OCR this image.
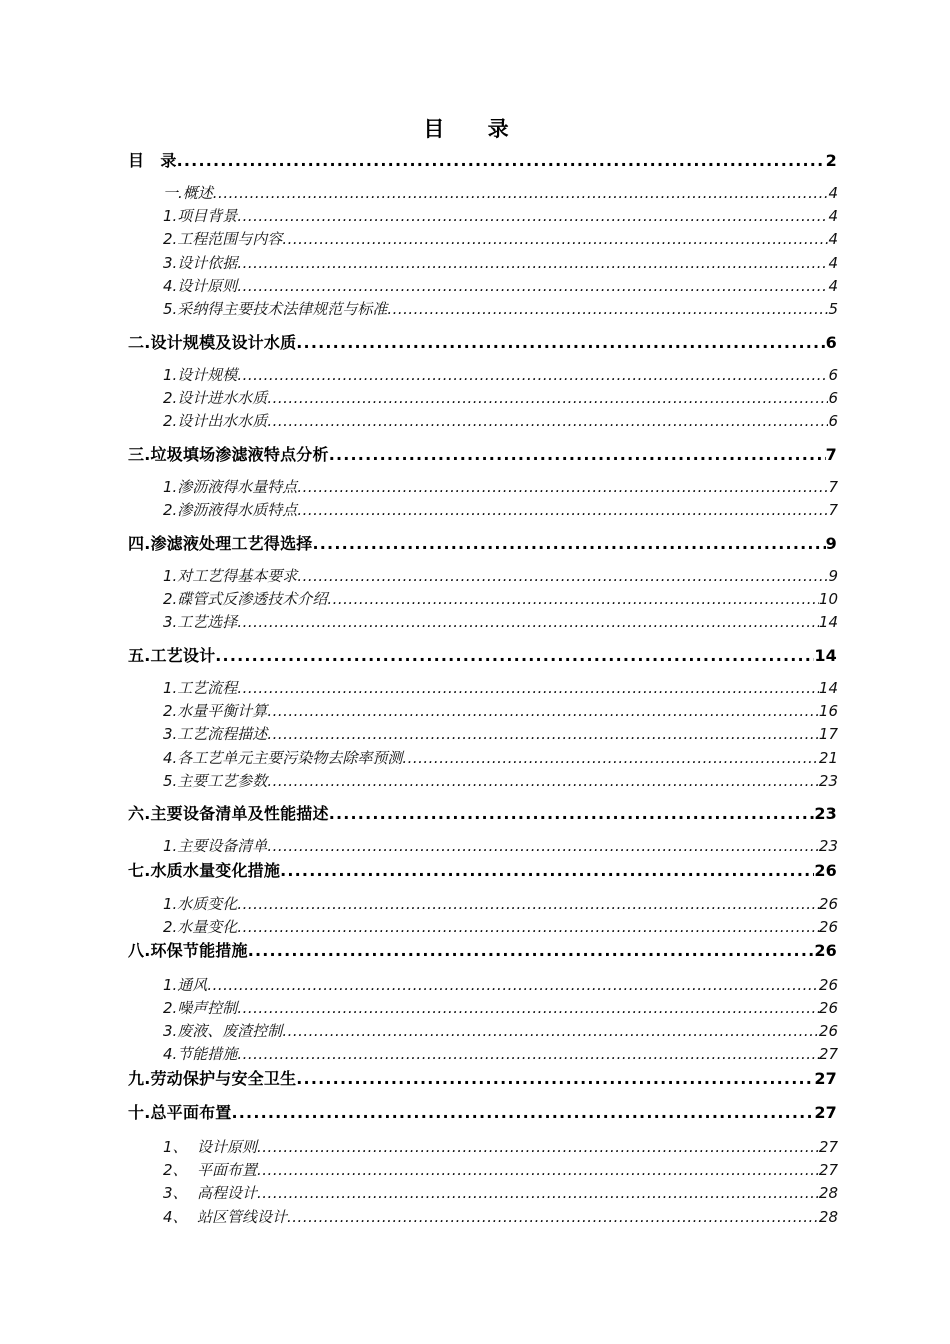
目 录
目　录 .....	2
一.概述 .....	4
1.项目背景 .....	4
2.工程范围与内容 .....	4
3.设计依据 .....	4
4.设计原则 .....	4
5.采纳得主要技术法律规范与标准 .....	5
二.设计规模及设计水质 .....	6
1.设计规模 .....	6
2.设计进水水质 .....	6
2.设计出水水质 .....	6
三.垃圾填场渗滤液特点分析 .....	7
1.渗沥液得水量特点 .....	7
2.渗沥液得水质特点 .....	7
四.渗滤液处理工艺得选择 .....	9
1.对工艺得基本要求 .....	9
2.碟管式反渗透技术介绍 .....	10
3.工艺选择 .....	14
五.工艺设计 .....	14
1.工艺流程 .....	14
2.水量平衡计算 .....	16
3.工艺流程描述 .....	17
4.各工艺单元主要污染物去除率预测 .....	21
5.主要工艺参数 .....	23
六.主要设备清单及性能描述 .....	23
1.主要设备清单 .....	23
七.水质水量变化措施 .....	26
1.水质变化 .....	26
2.水量变化 .....	26
八.环保节能措施 .....	26
1.通风 .....	26
2.噪声控制 .....	26
3.废液、废渣控制 .....	26
4.节能措施 .....	27
九.劳动保护与安全卫生 .....	27
十.总平面布置 .....	27
1、 设计原则 .....	27
2、 平面布置 .....	27
3、 高程设计 .....	28
4、 站区管线设计 .....	28
